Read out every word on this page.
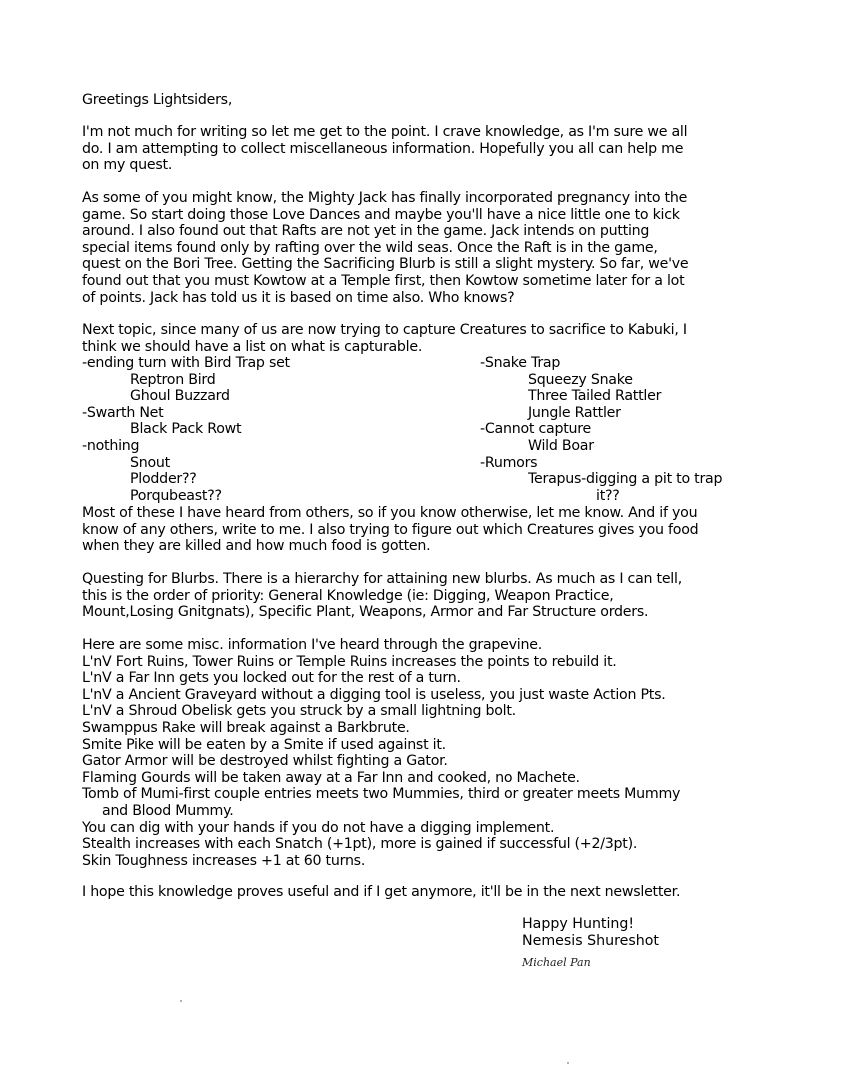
Greetings Lightsiders,

I'm not much for writing so let me get to the point. I crave knowledge, as I'm sure we all
do. I am attempting to collect miscellaneous information. Hopefully you all can help me
on my quest.

As some of you might know, the Mighty Jack has finally incorporated pregnancy into the
game. So start doing those Love Dances and maybe you'll have a nice little one to kick
around. I also found out that Rafts are not yet in the game. Jack intends on putting
special items found only by rafting over the wild seas. Once the Raft is in the game,
quest on the Bori Tree. Getting the Sacrificing Blurb is still a slight mystery. So far, we've
found out that you must Kowtow at a Temple first, then Kowtow sometime later for a lot
of points. Jack has told us it is based on time also. Who knows?

Next topic, since many of us are now trying to capture Creatures to sacrifice to Kabuki, I
think we should have a list on what is capturable.

-ending turn with Bird Trap set
Reptron Bird
Ghoul Buzzard
-Swarth Net
Black Pack Rowt
-nothing
Snout
Plodder??
Porqubeast??
-Snake Trap
Squeezy Snake
Three Tailed Rattler
Jungle Rattler
-Cannot capture
Wild Boar
-Rumors
Terapus-digging a pit to trap
it??

Most of these I have heard from others, so if you know otherwise, let me know. And if you
know of any others, write to me. I also trying to figure out which Creatures gives you food
when they are killed and how much food is gotten.

Questing for Blurbs. There is a hierarchy for attaining new blurbs. As much as I can tell,
this is the order of priority: General Knowledge (ie: Digging, Weapon Practice,
Mount,Losing Gnitgnats), Specific Plant, Weapons, Armor and Far Structure orders.

Here are some misc. information I've heard through the grapevine.
L'nV Fort Ruins, Tower Ruins or Temple Ruins increases the points to rebuild it.
L'nV a Far Inn gets you locked out for the rest of a turn.
L'nV a Ancient Graveyard without a digging tool is useless, you just waste Action Pts.
L'nV a Shroud Obelisk gets you struck by a small lightning bolt.
Swamppus Rake will break against a Barkbrute.
Smite Pike will be eaten by a Smite if used against it.
Gator Armor will be destroyed whilst fighting a Gator.
Flaming Gourds will be taken away at a Far Inn and cooked, no Machete.
Tomb of Mumi-first couple entries meets two Mummies, third or greater meets Mummy
and Blood Mummy.
You can dig with your hands if you do not have a digging implement.
Stealth increases with each Snatch (+1pt), more is gained if successful (+2/3pt).
Skin Toughness increases +1 at 60 turns.

I hope this knowledge proves useful and if I get anymore, it'll be in the next newsletter.

Happy Hunting!
Nemesis Shureshot
Michael Pan
